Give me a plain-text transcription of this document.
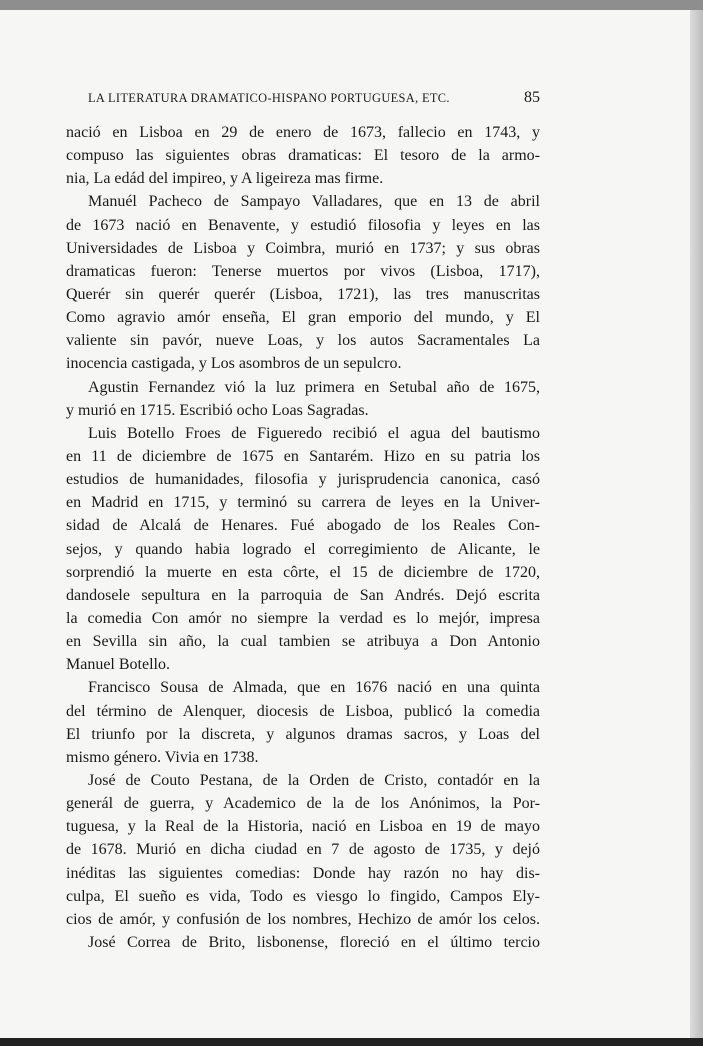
LA LITERATURA DRAMATICO-HISPANO PORTUGUESA, ETC.	85
nació en Lisboa en 29 de enero de 1673, fallecio en 1743, y
compuso las siguientes obras dramaticas: El tesoro de la armo-
nia, La edád del impireo, y A ligeireza mas firme.
Manuél Pacheco de Sampayo Valladares, que en 13 de abril
de 1673 nació en Benavente, y estudió filosofia y leyes en las
Universidades de Lisboa y Coimbra, murió en 1737; y sus obras
dramaticas fueron: Tenerse muertos por vivos (Lisboa, 1717),
Querér sin querér querér (Lisboa, 1721), las tres manuscritas
Como agravio amór enseña, El gran emporio del mundo, y El
valiente sin pavór, nueve Loas, y los autos Sacramentales La
inocencia castigada, y Los asombros de un sepulcro.
Agustin Fernandez vió la luz primera en Setubal año de 1675,
y murió en 1715. Escribió ocho Loas Sagradas.
Luis Botello Froes de Figueredo recibió el agua del bautismo
en 11 de diciembre de 1675 en Santarém. Hizo en su patria los
estudios de humanidades, filosofia y jurisprudencia canonica, casó
en Madrid en 1715, y terminó su carrera de leyes en la Univer-
sidad de Alcalá de Henares. Fué abogado de los Reales Con-
sejos, y quando habia logrado el corregimiento de Alicante, le
sorprendió la muerte en esta côrte, el 15 de diciembre de 1720,
dandosele sepultura en la parroquia de San Andrés. Dejó escrita
la comedia Con amór no siempre la verdad es lo mejór, impresa
en Sevilla sin año, la cual tambien se atribuya a Don Antonio
Manuel Botello.
Francisco Sousa de Almada, que en 1676 nació en una quinta
del término de Alenquer, diocesis de Lisboa, publicó la comedia
El triunfo por la discreta, y algunos dramas sacros, y Loas del
mismo género. Vivia en 1738.
José de Couto Pestana, de la Orden de Cristo, contadór en la
generál de guerra, y Academico de la de los Anónimos, la Por-
tuguesa, y la Real de la Historia, nació en Lisboa en 19 de mayo
de 1678. Murió en dicha ciudad en 7 de agosto de 1735, y dejó
inéditas las siguientes comedias: Donde hay razón no hay dis-
culpa, El sueño es vida, Todo es viesgo lo fingido, Campos Ely-
cios de amór, y confusión de los nombres, Hechizo de amór los celos.
José Correa de Brito, lisbonense, floreció en el último tercio
